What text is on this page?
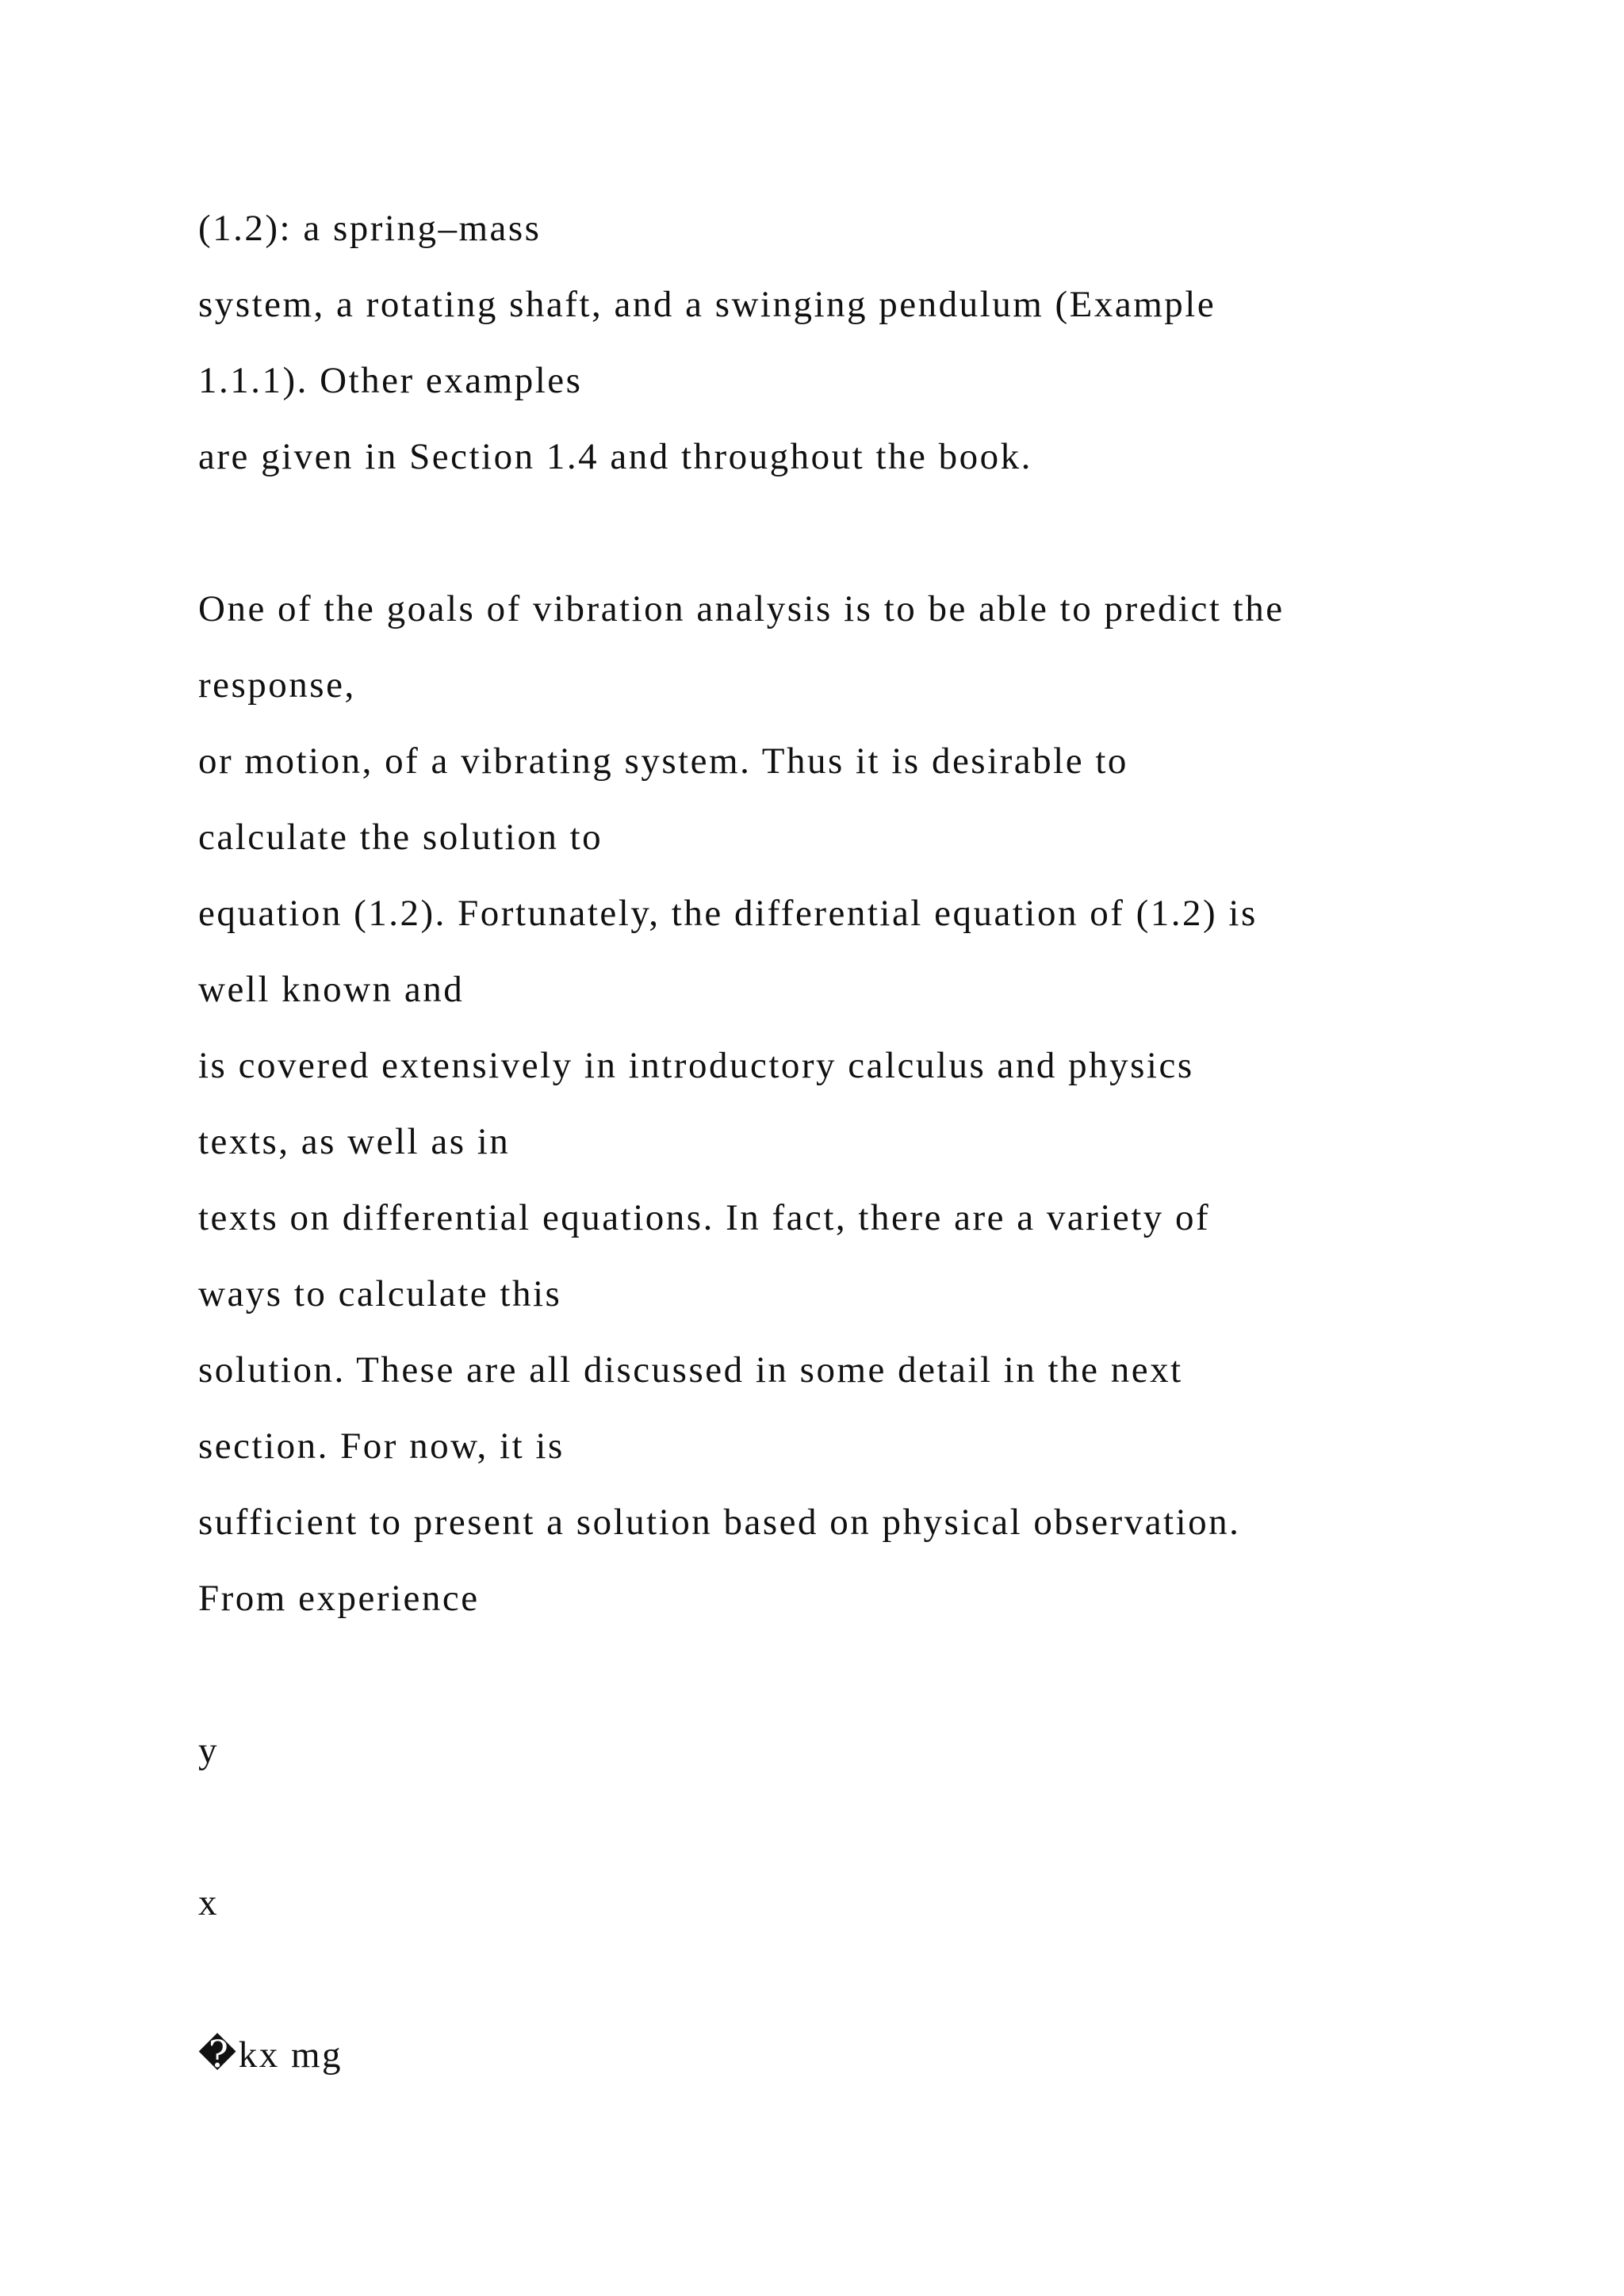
(1.2): a spring–mass
system, a rotating shaft, and a swinging pendulum (Example
1.1.1). Other examples
are given in Section 1.4 and throughout the book.
One of the goals of vibration analysis is to be able to predict the
response,
or motion, of a vibrating system. Thus it is desirable to
calculate the solution to
equation (1.2). Fortunately, the differential equation of (1.2) is
well known and
is covered extensively in introductory calculus and physics
texts, as well as in
texts on differential equations. In fact, there are a variety of
ways to calculate this
solution. These are all discussed in some detail in the next
section. For now, it is
sufficient to present a solution based on physical observation.
From experience
y
x
�kx mg
